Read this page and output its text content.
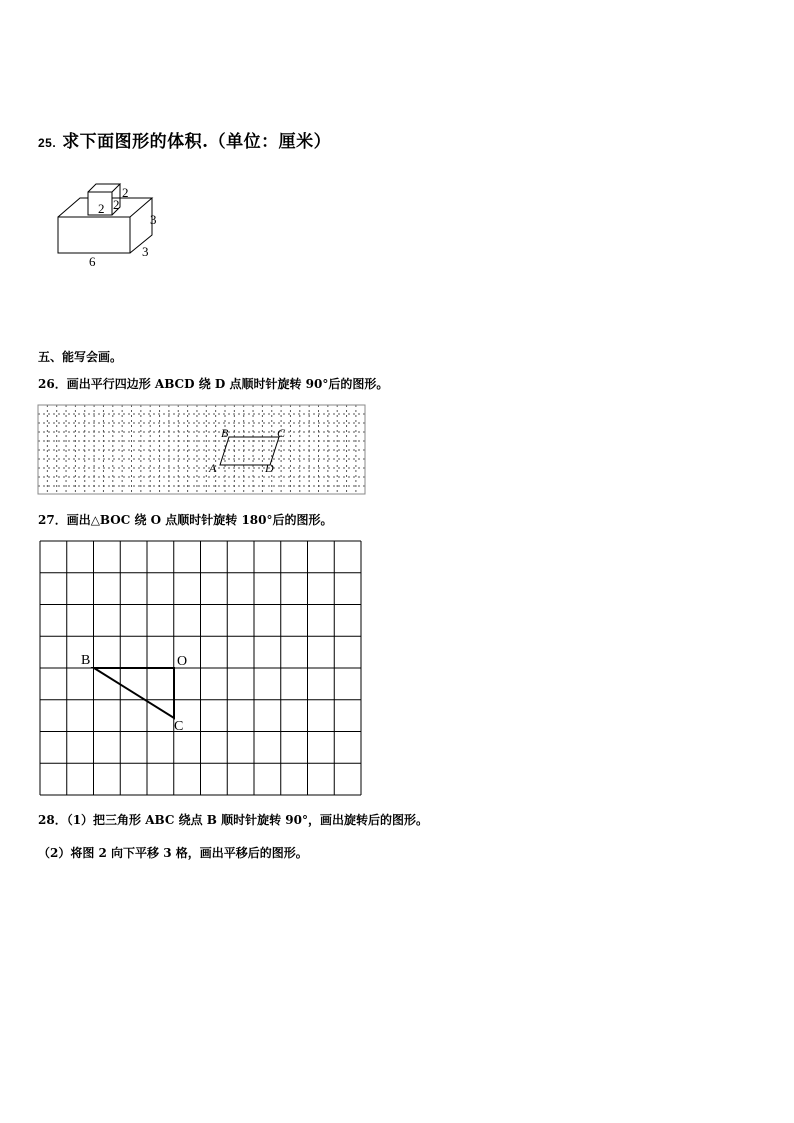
25. 求下面图形的体积.（单位：厘米）
2 2
2
3
3
6
五、能写会画。
26．画出平行四边形 ABCD 绕 D 点顺时针旋转 90°后的图形。
B	C
A	D
27．画出△BOC 绕 O 点顺时针旋转 180°后的图形。
B	O
C
28．（1）把三角形 ABC 绕点 B 顺时针旋转 90°，画出旋转后的图形。
（2）将图 2 向下平移 3 格，画出平移后的图形。
